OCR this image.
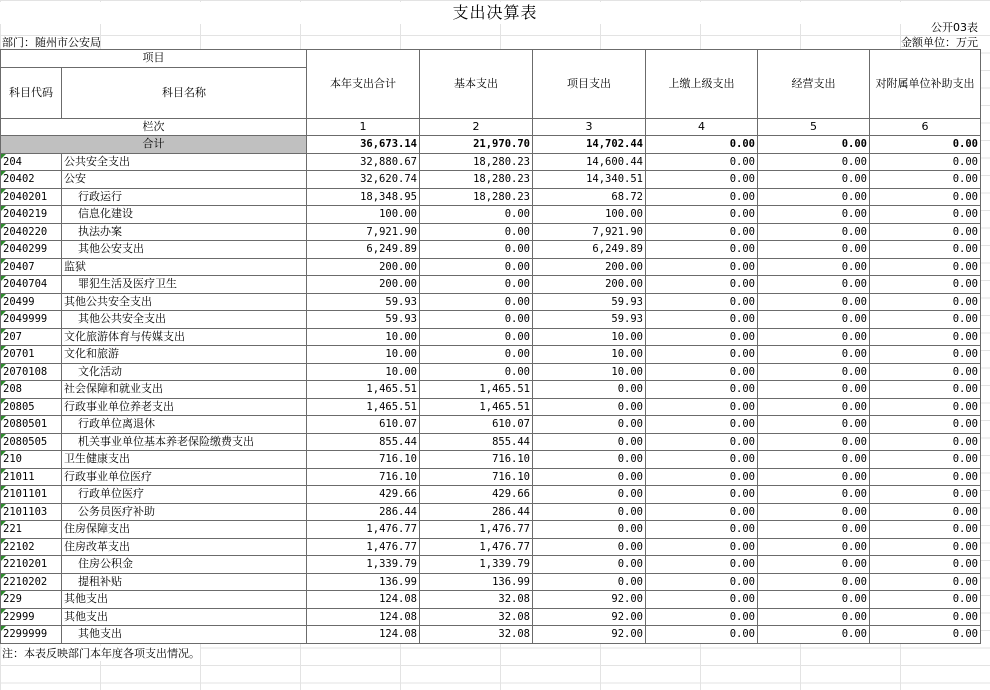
支出决算表
公开03表
部门：随州市公安局	金额单位：万元
项目		本年支出合计	基本支出	项目支出	上缴上级支出	经营支出	对附属单位补助支出
科目代码	科目名称						
栏次		1	2	3	4	5	6
合计		36,673.14	21,970.70	14,702.44	0.00	0.00	0.00
204	公共安全支出	32,880.67	18,280.23	14,600.44	0.00	0.00	0.00
20402	公安	32,620.74	18,280.23	14,340.51	0.00	0.00	0.00
2040201	行政运行	18,348.95	18,280.23	68.72	0.00	0.00	0.00
2040219	信息化建设	100.00	0.00	100.00	0.00	0.00	0.00
2040220	执法办案	7,921.90	0.00	7,921.90	0.00	0.00	0.00
2040299	其他公安支出	6,249.89	0.00	6,249.89	0.00	0.00	0.00
20407	监狱	200.00	0.00	200.00	0.00	0.00	0.00
2040704	罪犯生活及医疗卫生	200.00	0.00	200.00	0.00	0.00	0.00
20499	其他公共安全支出	59.93	0.00	59.93	0.00	0.00	0.00
2049999	其他公共安全支出	59.93	0.00	59.93	0.00	0.00	0.00
207	文化旅游体育与传媒支出	10.00	0.00	10.00	0.00	0.00	0.00
20701	文化和旅游	10.00	0.00	10.00	0.00	0.00	0.00
2070108	文化活动	10.00	0.00	10.00	0.00	0.00	0.00
208	社会保障和就业支出	1,465.51	1,465.51	0.00	0.00	0.00	0.00
20805	行政事业单位养老支出	1,465.51	1,465.51	0.00	0.00	0.00	0.00
2080501	行政单位离退休	610.07	610.07	0.00	0.00	0.00	0.00
2080505	机关事业单位基本养老保险缴费支出	855.44	855.44	0.00	0.00	0.00	0.00
210	卫生健康支出	716.10	716.10	0.00	0.00	0.00	0.00
21011	行政事业单位医疗	716.10	716.10	0.00	0.00	0.00	0.00
2101101	行政单位医疗	429.66	429.66	0.00	0.00	0.00	0.00
2101103	公务员医疗补助	286.44	286.44	0.00	0.00	0.00	0.00
221	住房保障支出	1,476.77	1,476.77	0.00	0.00	0.00	0.00
22102	住房改革支出	1,476.77	1,476.77	0.00	0.00	0.00	0.00
2210201	住房公积金	1,339.79	1,339.79	0.00	0.00	0.00	0.00
2210202	提租补贴	136.99	136.99	0.00	0.00	0.00	0.00
229	其他支出	124.08	32.08	92.00	0.00	0.00	0.00
22999	其他支出	124.08	32.08	92.00	0.00	0.00	0.00
2299999	其他支出	124.08	32.08	92.00	0.00	0.00	0.00
注：本表反映部门本年度各项支出情况。
